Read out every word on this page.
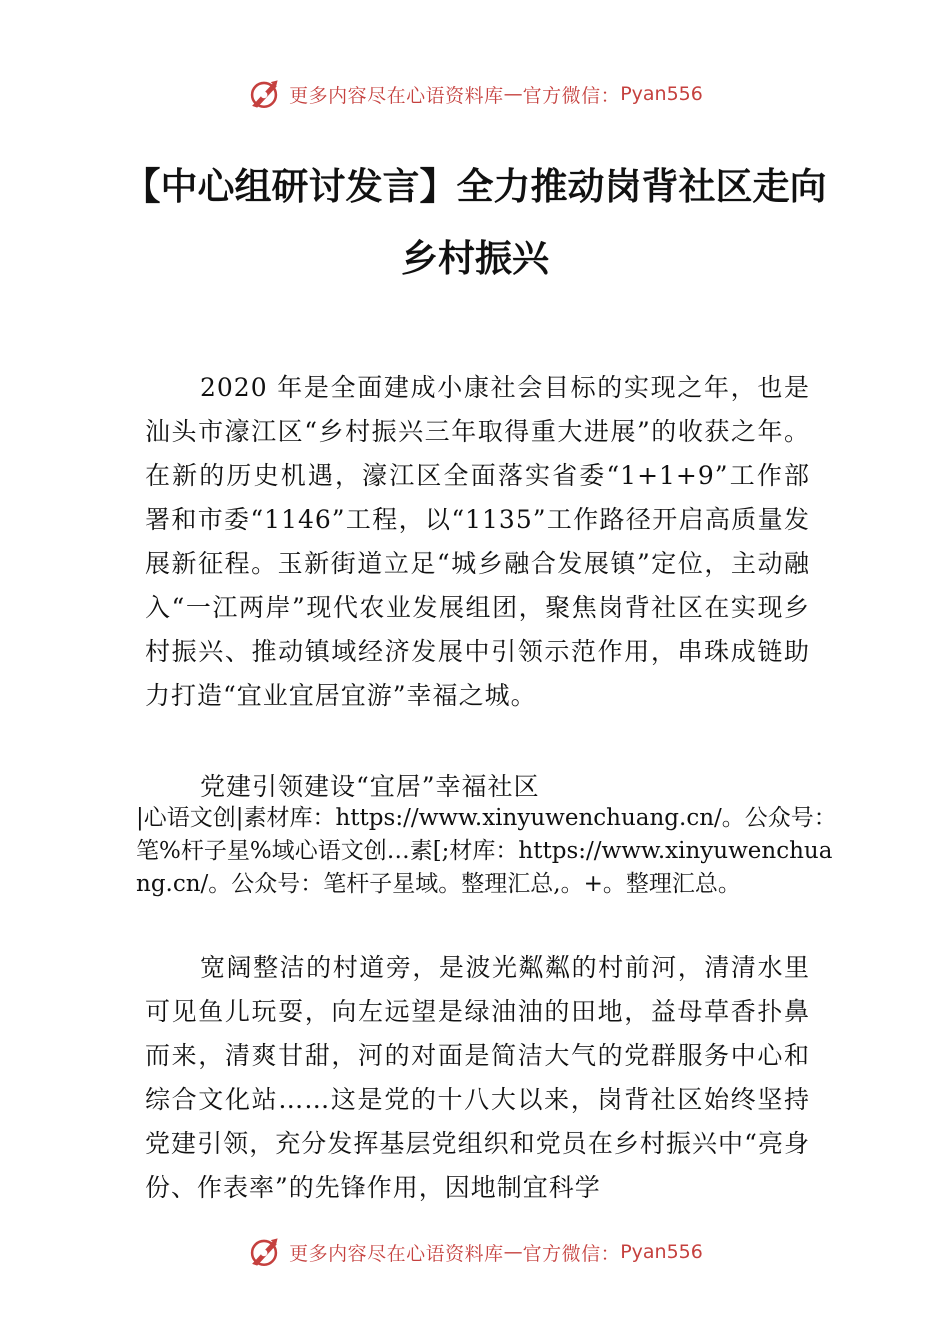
更多内容尽在心语资料库 — 官方微信： Pyan556
【中心组研讨发言】全力推动岗背社区走向
乡村振兴

2020 年是全面建成小康社会目标的实现之年，也是汕头市濠江区“乡村振兴三年取得重大进展”的收获之年。在新的历史机遇，濠江区全面落实省委“1+1+9”工作部署和市委“1146”工程，以“1135”工作路径开启高质量发展新征程。玉新街道立足“城乡融合发展镇”定位，主动融入“一江两岸”现代农业发展组团，聚焦岗背社区在实现乡村振兴、推动镇域经济发展中引领示范作用，串珠成链助力打造“宜业宜居宜游”幸福之城。

党建引领建设“宜居”幸福社区

|心语文创|素材库：https://www.xinyuwenchuang.cn/。公众号：笔%杆子星%域心语文创…素[;材库：https://www.xinyuwenchuang.cn/。公众号：笔杆子星域。整理汇总,。+。整理汇总。

宽阔整洁的村道旁，是波光粼粼的村前河，清清水里可见鱼儿玩耍，向左远望是绿油油的田地，益母草香扑鼻而来，清爽甘甜，河的对面是简洁大气的党群服务中心和综合文化站……这是党的十八大以来，岗背社区始终坚持党建引领，充分发挥基层党组织和党员在乡村振兴中“亮身份、作表率”的先锋作用，因地制宜科学

更多内容尽在心语资料库 — 官方微信： Pyan556
